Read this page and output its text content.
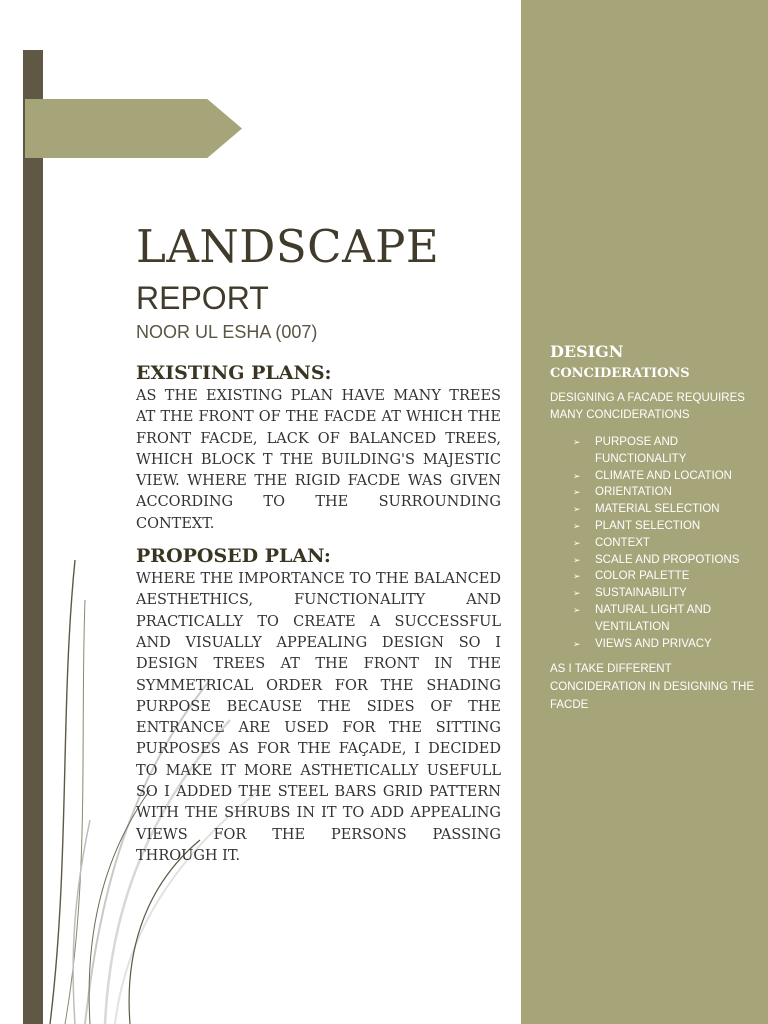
LANDSCAPE
REPORT

NOOR UL ESHA (007)

EXISTING PLANS:

AS THE EXISTING PLAN HAVE MANY TREES AT THE FRONT OF THE FACDE AT WHICH THE FRONT FACDE, LACK OF BALANCED TREES, WHICH BLOCK T THE BUILDING'S MAJESTIC VIEW. WHERE THE RIGID FACDE WAS GIVEN ACCORDING TO THE SURROUNDING CONTEXT.

PROPOSED PLAN:

WHERE THE IMPORTANCE TO THE BALANCED AESTHETHICS, FUNCTIONALITY AND PRACTICALLY TO CREATE A SUCCESSFUL AND VISUALLY APPEALING DESIGN SO I DESIGN TREES AT THE FRONT IN THE SYMMETRICAL ORDER FOR THE SHADING PURPOSE BECAUSE THE SIDES OF THE ENTRANCE ARE USED FOR THE SITTING PURPOSES AS FOR THE FAÇADE, I DECIDED TO MAKE IT MORE ASTHETICALLY USEFULL SO I ADDED THE STEEL BARS GRID PATTERN WITH THE SHRUBS IN IT TO ADD APPEALING VIEWS FOR THE PERSONS PASSING THROUGH IT.

DESIGN
CONCIDERATIONS
DESIGNING A FACADE REQUUIRES MANY CONCIDERATIONS
➢ PURPOSE AND FUNCTIONALITY
➢ CLIMATE AND LOCATION
➢ ORIENTATION
➢ MATERIAL SELECTION
➢ PLANT SELECTION
➢ CONTEXT
➢ SCALE AND PROPOTIONS
➢ COLOR PALETTE
➢ SUSTAINABILITY
➢ NATURAL LIGHT AND VENTILATION
➢ VIEWS AND PRIVACY
AS I TAKE DIFFERENT CONCIDERATION IN DESIGNING THE FACDE
